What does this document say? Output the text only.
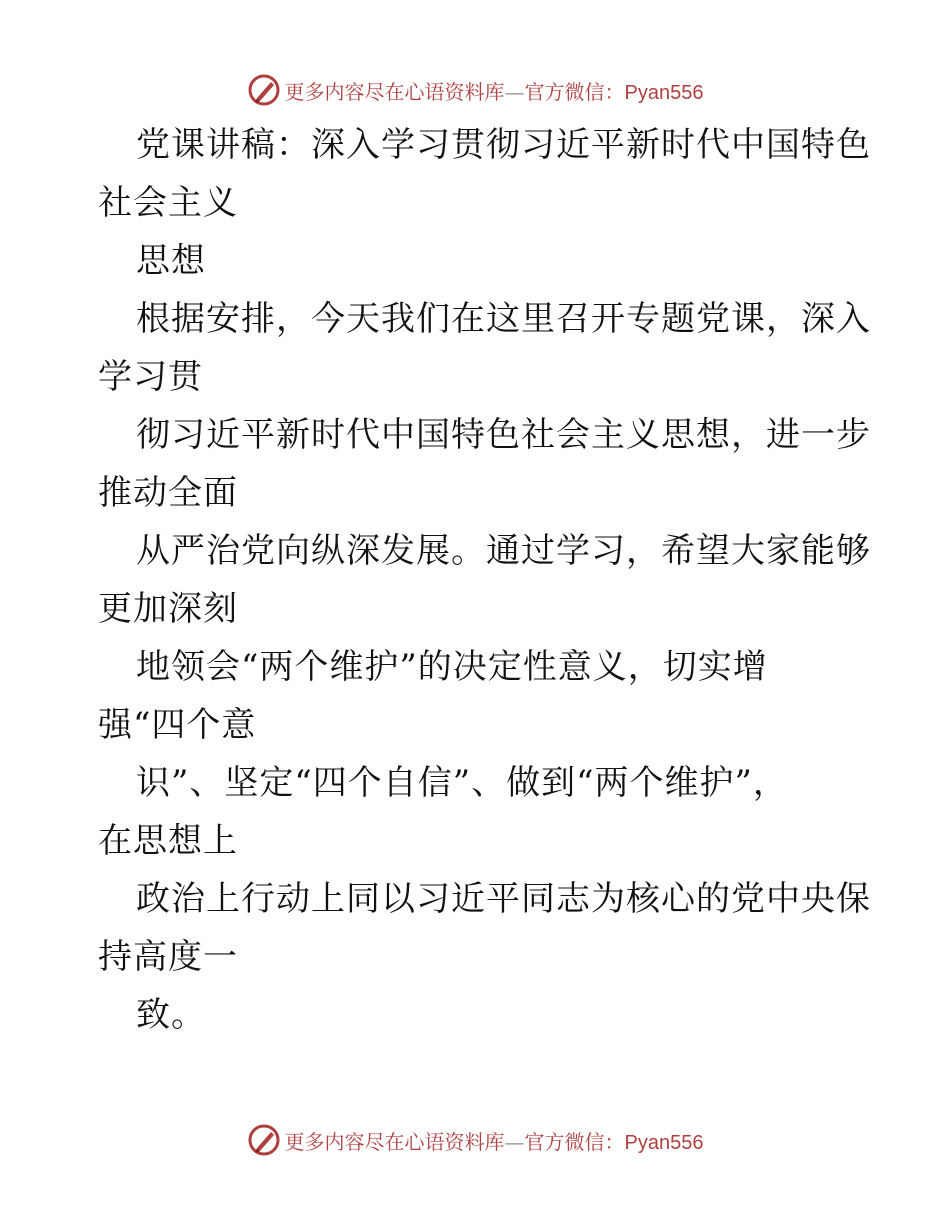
更多内容尽在心语资料库—官方微信：Pyan556
党课讲稿：深入学习贯彻习近平新时代中国特色
社会主义
思想
根据安排，今天我们在这里召开专题党课，深入
学习贯
彻习近平新时代中国特色社会主义思想，进一步
推动全面
从严治党向纵深发展。通过学习，希望大家能够
更加深刻
地领会“两个维护”的决定性意义，切实增
强“四个意
识”、坚定“四个自信”、做到“两个维护”，
在思想上
政治上行动上同以习近平同志为核心的党中央保
持高度一
致。
更多内容尽在心语资料库—官方微信：Pyan556
